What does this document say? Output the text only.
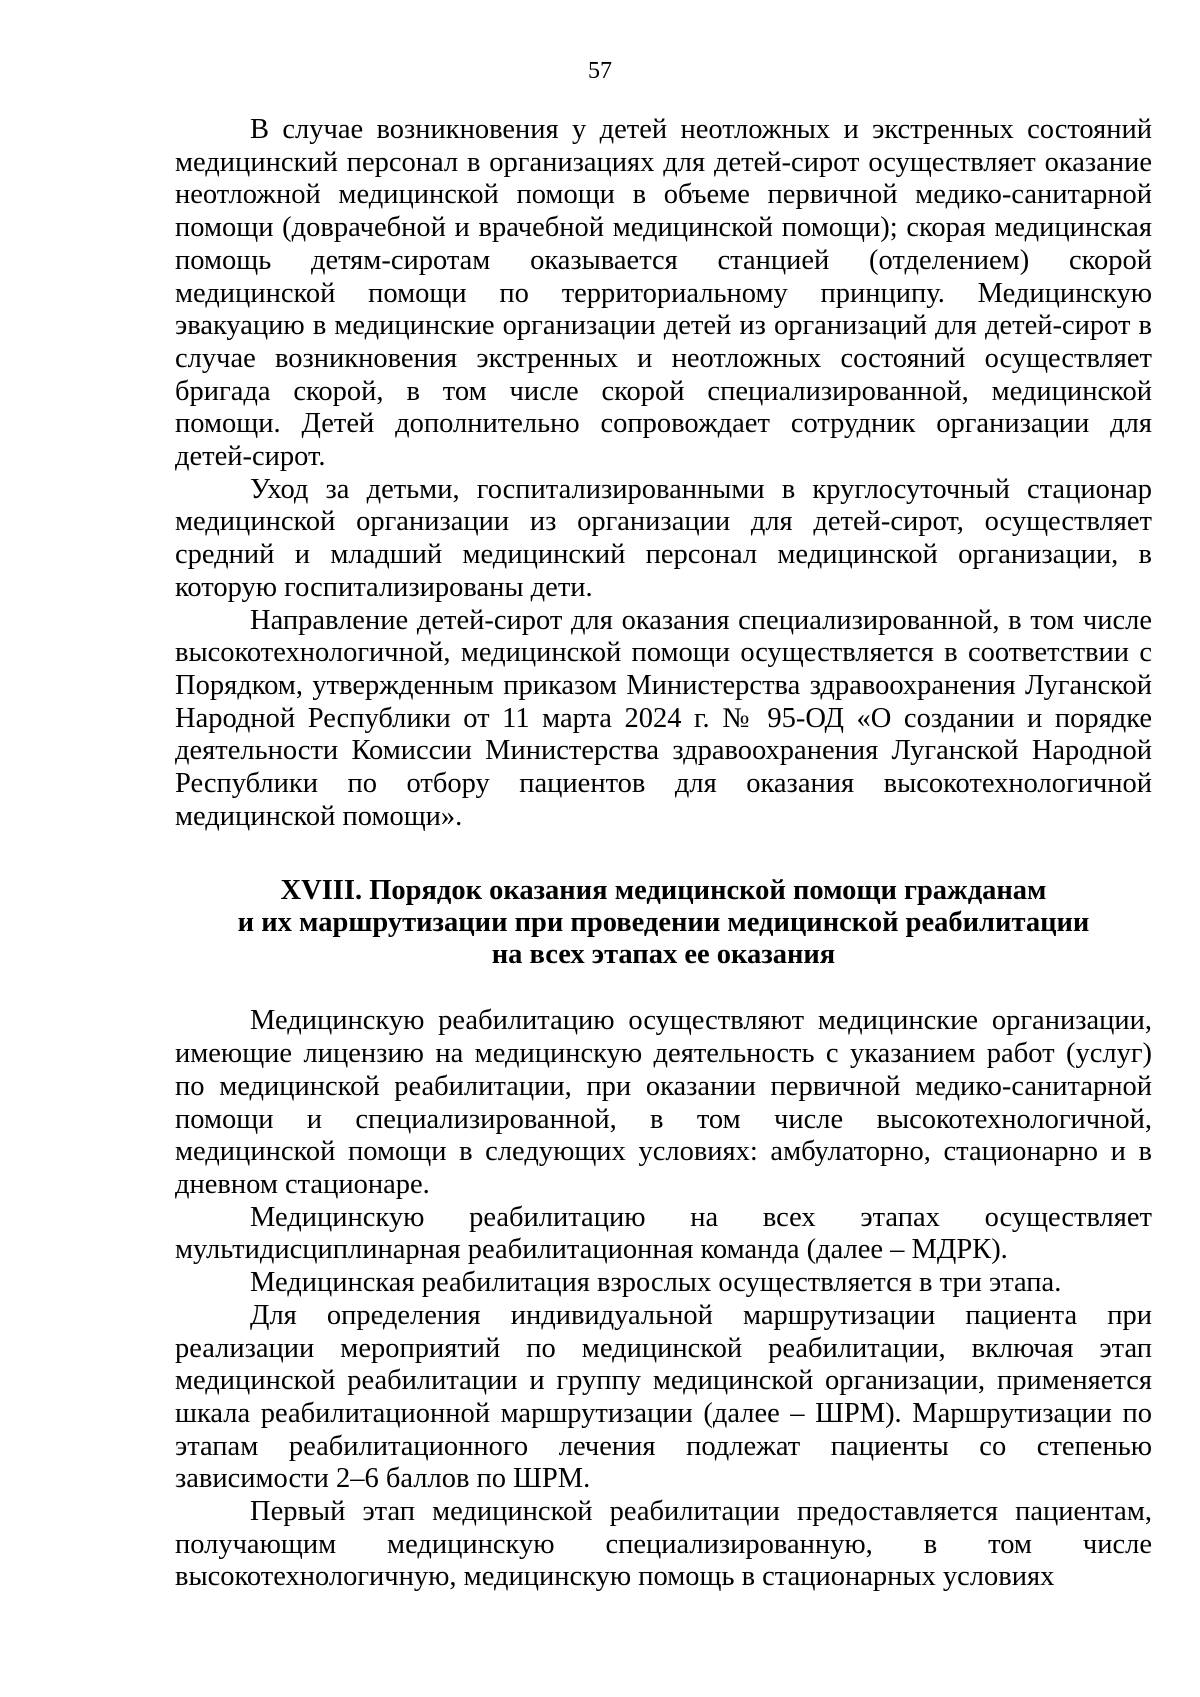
57

В случае возникновения у детей неотложных и экстренных состояний медицинский персонал в организациях для детей-сирот осуществляет оказание неотложной медицинской помощи в объеме первичной медико-санитарной помощи (доврачебной и врачебной медицинской помощи); скорая медицинская помощь детям-сиротам оказывается станцией (отделением) скорой медицинской помощи по территориальному принципу. Медицинскую эвакуацию в медицинские организации детей из организаций для детей-сирот в случае возникновения экстренных и неотложных состояний осуществляет бригада скорой, в том числе скорой специализированной, медицинской помощи. Детей дополнительно сопровождает сотрудник организации для детей-сирот.

Уход за детьми, госпитализированными в круглосуточный стационар медицинской организации из организации для детей-сирот, осуществляет средний и младший медицинский персонал медицинской организации, в которую госпитализированы дети.

Направление детей-сирот для оказания специализированной, в том числе высокотехнологичной, медицинской помощи осуществляется в соответствии с Порядком, утвержденным приказом Министерства здравоохранения Луганской Народной Республики от 11 марта 2024 г. № 95-ОД «О создании и порядке деятельности Комиссии Министерства здравоохранения Луганской Народной Республики по отбору пациентов для оказания высокотехнологичной медицинской помощи».

XVIII. Порядок оказания медицинской помощи гражданам
и их маршрутизации при проведении медицинской реабилитации
на всех этапах ее оказания

Медицинскую реабилитацию осуществляют медицинские организации, имеющие лицензию на медицинскую деятельность с указанием работ (услуг) по медицинской реабилитации, при оказании первичной медико-санитарной помощи и специализированной, в том числе высокотехнологичной, медицинской помощи в следующих условиях: амбулаторно, стационарно и в дневном стационаре.

Медицинскую реабилитацию на всех этапах осуществляет мультидисциплинарная реабилитационная команда (далее – МДРК).

Медицинская реабилитация взрослых осуществляется в три этапа.

Для определения индивидуальной маршрутизации пациента при реализации мероприятий по медицинской реабилитации, включая этап медицинской реабилитации и группу медицинской организации, применяется шкала реабилитационной маршрутизации (далее – ШРМ). Маршрутизации по этапам реабилитационного лечения подлежат пациенты со степенью зависимости 2–6 баллов по ШРМ.

Первый этап медицинской реабилитации предоставляется пациентам, получающим медицинскую специализированную, в том числе высокотехнологичную, медицинскую помощь в стационарных условиях
